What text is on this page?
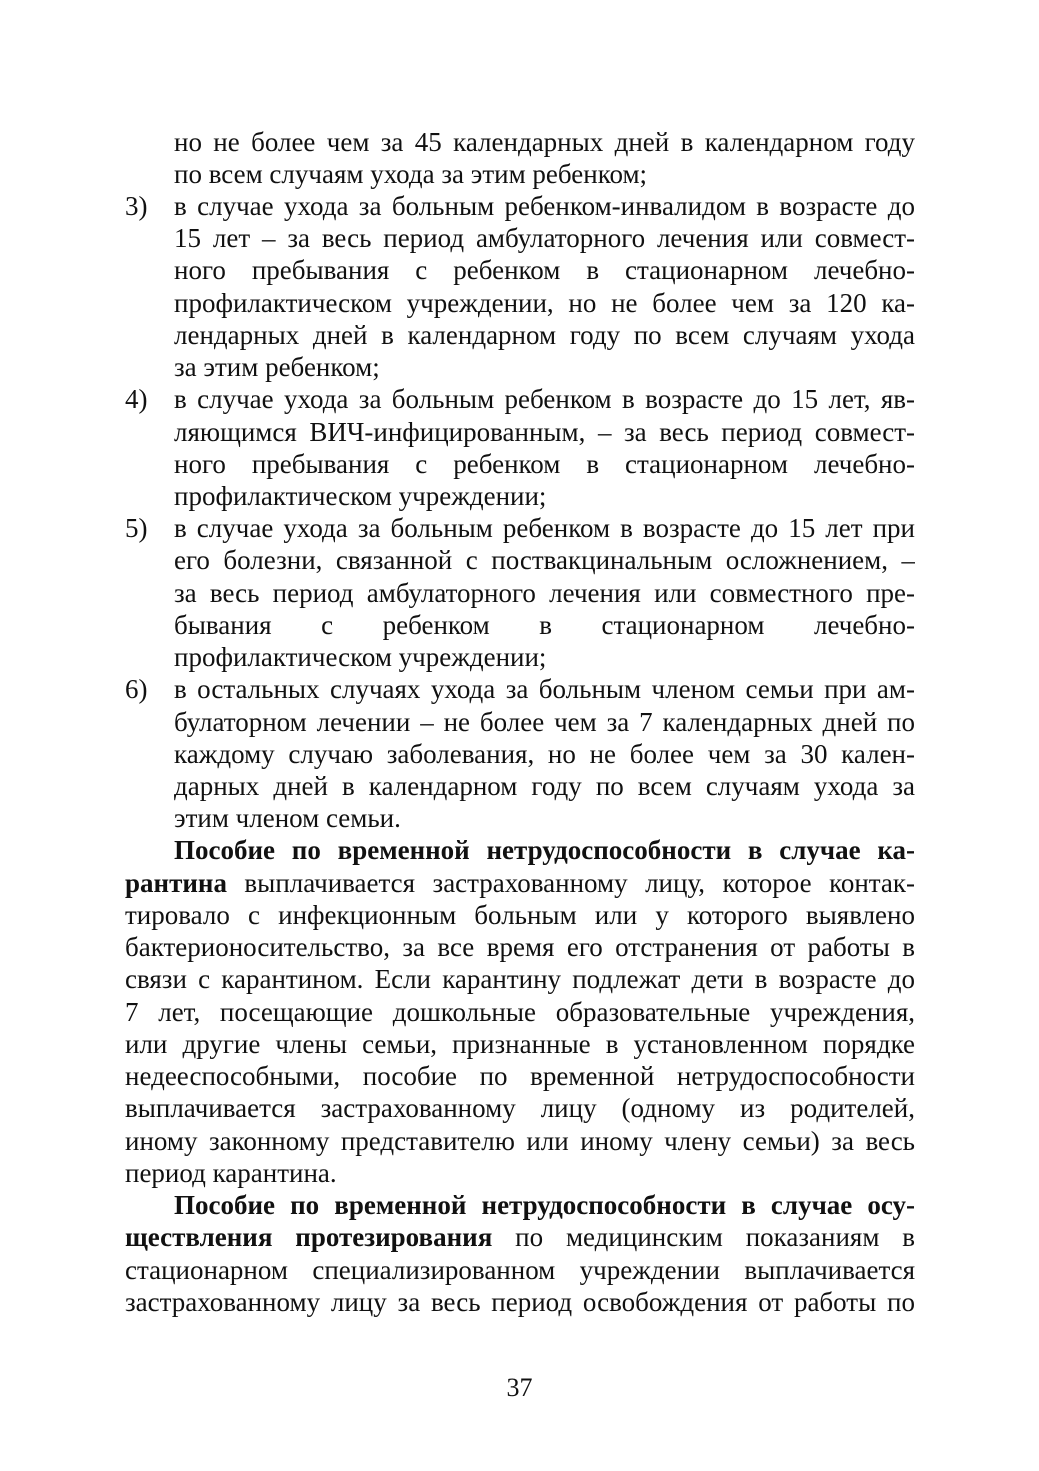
но не более чем за 45 календарных дней в календарном году
по всем случаям ухода за этим ребенком;
3) в случае ухода за больным ребенком-инвалидом в возрасте до
15 лет – за весь период амбулаторного лечения или совмест-
ного пребывания с ребенком в стационарном лечебно-
профилактическом учреждении, но не более чем за 120 ка-
лендарных дней в календарном году по всем случаям ухода
за этим ребенком;
4) в случае ухода за больным ребенком в возрасте до 15 лет, яв-
ляющимся ВИЧ-инфицированным, – за весь период совмест-
ного пребывания с ребенком в стационарном лечебно-
профилактическом учреждении;
5) в случае ухода за больным ребенком в возрасте до 15 лет при
его болезни, связанной с поствакцинальным осложнением, –
за весь период амбулаторного лечения или совместного пре-
бывания с ребенком в стационарном лечебно-
профилактическом учреждении;
6) в остальных случаях ухода за больным членом семьи при ам-
булаторном лечении – не более чем за 7 календарных дней по
каждому случаю заболевания, но не более чем за 30 кален-
дарных дней в календарном году по всем случаям ухода за
этим членом семьи.
Пособие по временной нетрудоспособности в случае ка-
рантина выплачивается застрахованному лицу, которое контак-
тировало с инфекционным больным или у которого выявлено
бактерионосительство, за все время его отстранения от работы в
связи с карантином. Если карантину подлежат дети в возрасте до
7 лет, посещающие дошкольные образовательные учреждения,
или другие члены семьи, признанные в установленном порядке
недееспособными, пособие по временной нетрудоспособности
выплачивается застрахованному лицу (одному из родителей,
иному законному представителю или иному члену семьи) за весь
период карантина.
Пособие по временной нетрудоспособности в случае осу-
ществления протезирования по медицинским показаниям в
стационарном специализированном учреждении выплачивается
застрахованному лицу за весь период освобождения от работы по
37
